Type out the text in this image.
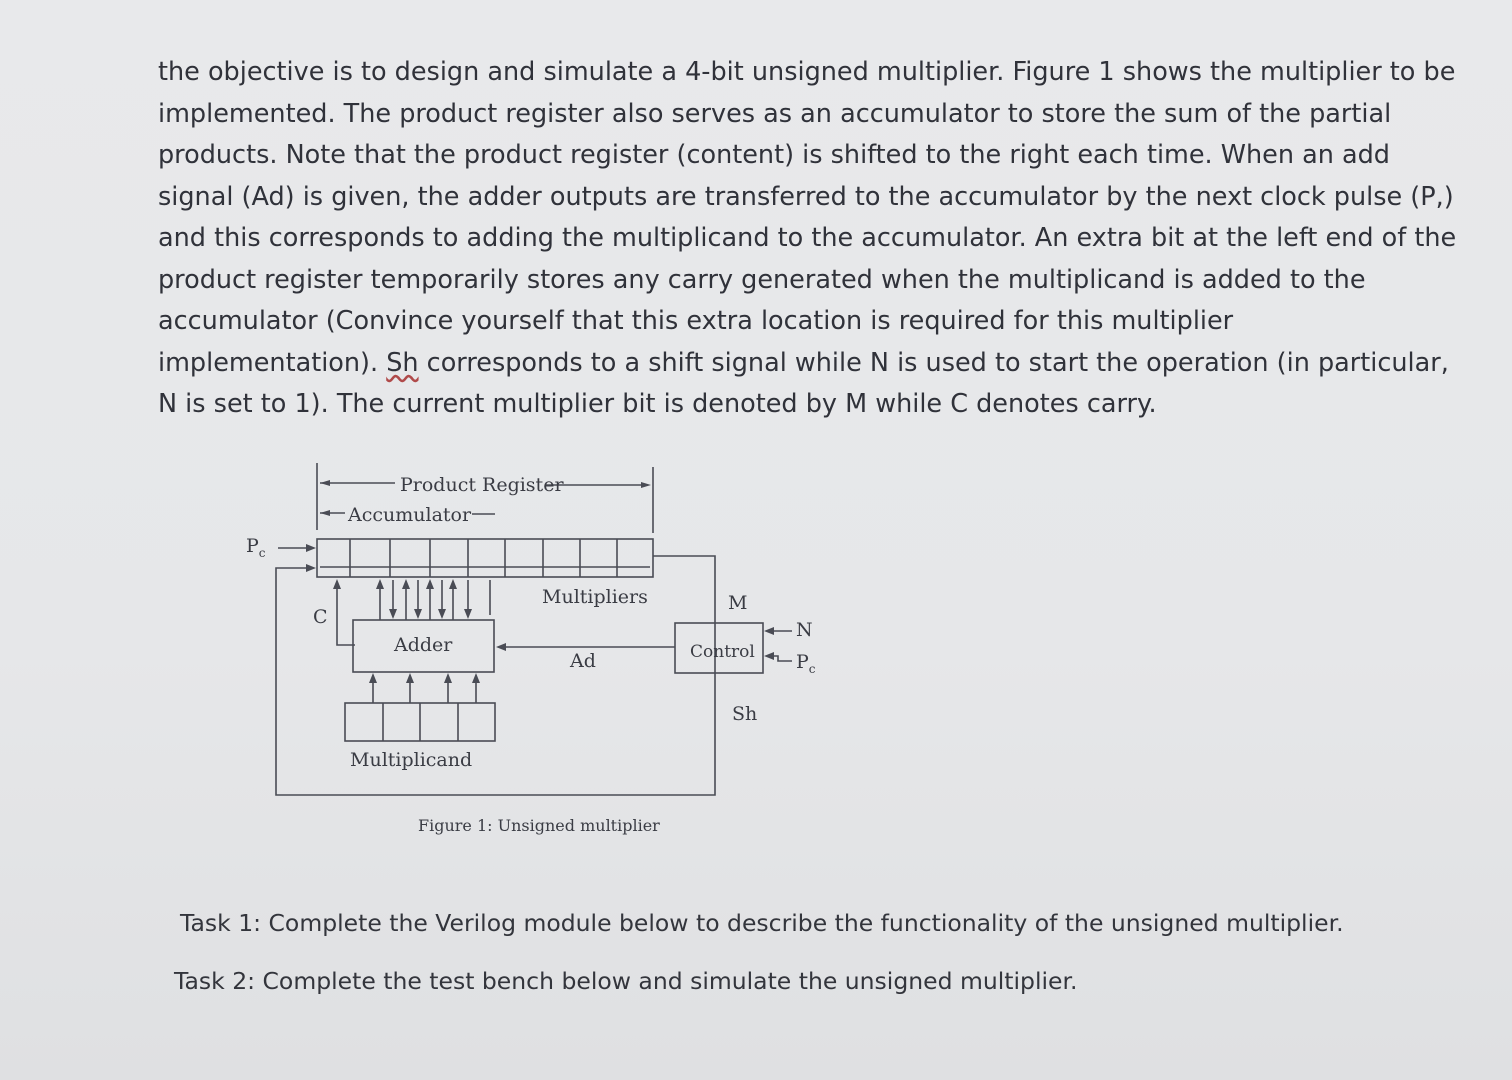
the objective is to design and simulate a 4-bit unsigned multiplier. Figure 1 shows the multiplier to be
implemented. The product register also serves as an accumulator to store the sum of the partial
products. Note that the product register (content) is shifted to the right each time. When an add
signal (Ad) is given, the adder outputs are transferred to the accumulator by the next clock pulse (P,)
and this corresponds to adding the multiplicand to the accumulator. An extra bit at the left end of the
product register temporarily stores any carry generated when the multiplicand is added to the
accumulator (Convince yourself that this extra location is required for this multiplier
implementation). Sh corresponds to a shift signal while N is used to start the operation (in particular,
N is set to 1). The current multiplier bit is denoted by M while C denotes carry.

Product Register
Accumulator
$P_c$
C
Adder
Multipliers
Ad
M
Control
N
$P_c$
Sh
Multiplicand
Figure 1: Unsigned multiplier

Task 1: Complete the Verilog module below to describe the functionality of the unsigned multiplier.

Task 2: Complete the test bench below and simulate the unsigned multiplier.
